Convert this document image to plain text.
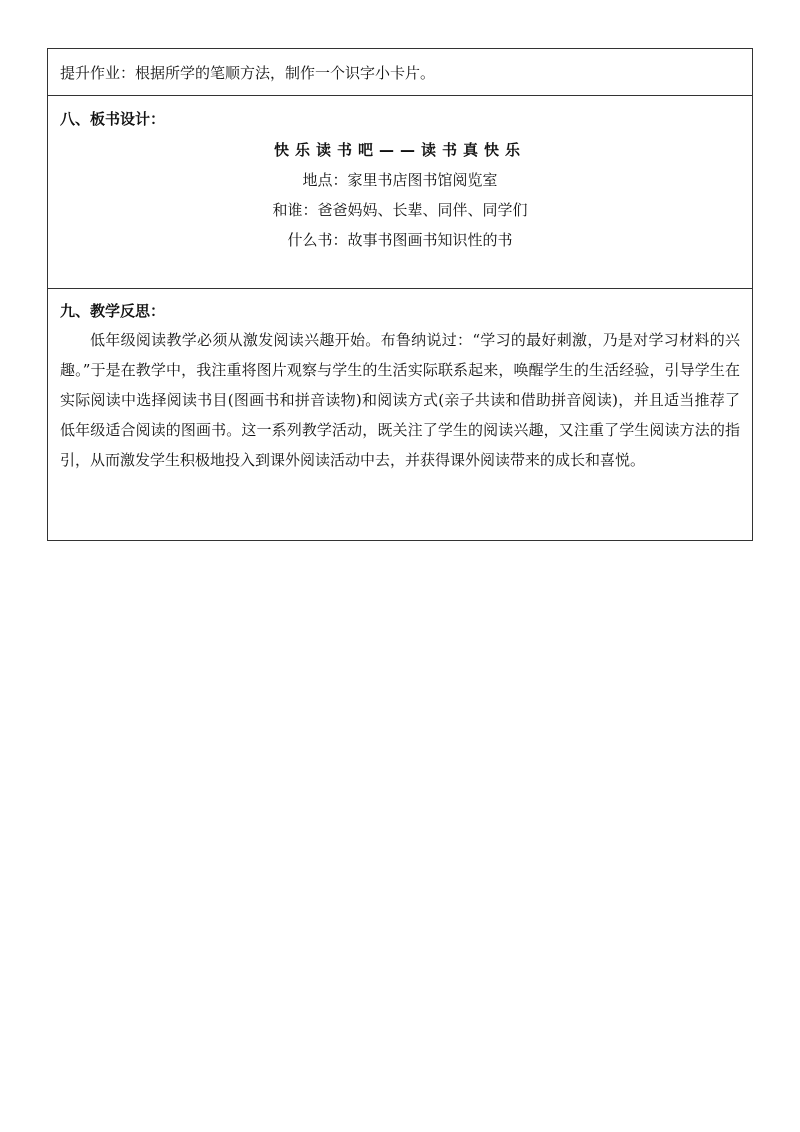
提升作业：根据所学的笔顺方法，制作一个识字小卡片。
八、板书设计：
快乐读书吧——读书真快乐
地点：家里书店图书馆阅览室
和谁：爸爸妈妈、长辈、同伴、同学们
什么书：故事书图画书知识性的书
九、教学反思：
低年级阅读教学必须从激发阅读兴趣开始。布鲁纳说过：“学习的最好刺激，乃是对学习材料的兴趣。”于是在教学中，我注重将图片观察与学生的生活实际联系起来，唤醒学生的生活经验，引导学生在实际阅读中选择阅读书目(图画书和拼音读物)和阅读方式(亲子共读和借助拼音阅读)，并且适当推荐了低年级适合阅读的图画书。这一系列教学活动，既关注了学生的阅读兴趣，又注重了学生阅读方法的指引，从而激发学生积极地投入到课外阅读活动中去，并获得课外阅读带来的成长和喜悦。
